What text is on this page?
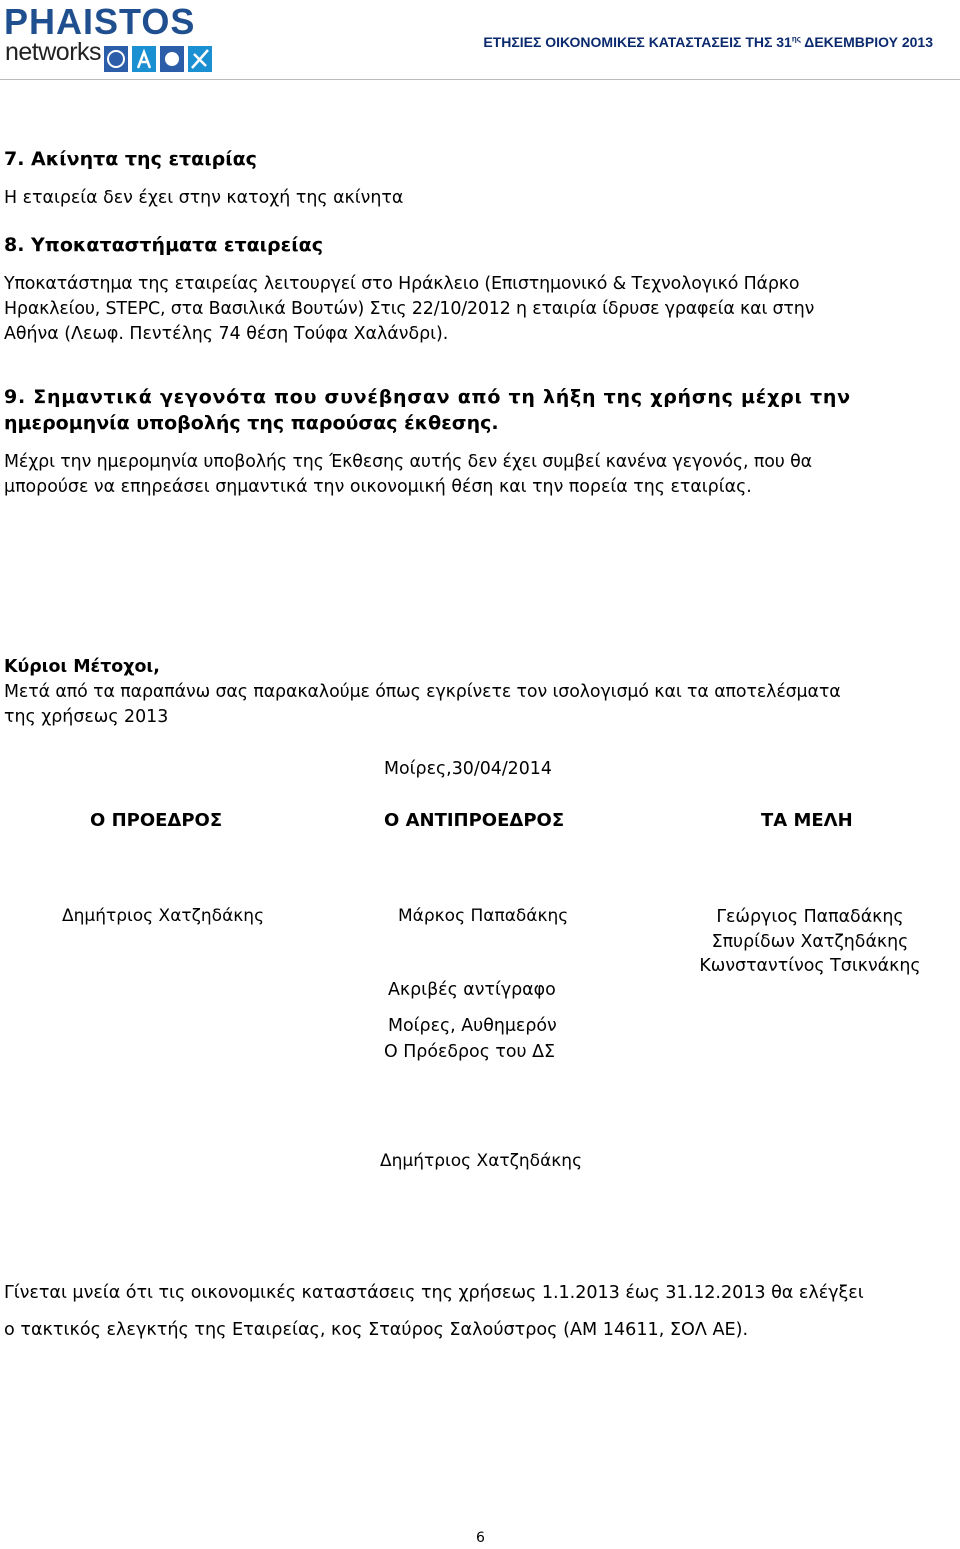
PHAISTOS
networks	ΕΤΗΣΙΕΣ ΟΙΚΟΝΟΜΙΚΕΣ ΚΑΤΑΣΤΑΣΕΙΣ ΤΗΣ $31^{\eta\varsigma}$ ΔΕΚΕΜΒΡΙΟΥ 2013
7. Ακίνητα της εταιρίας
Η εταιρεία δεν έχει στην κατοχή της ακίνητα
8. Υποκαταστήματα εταιρείας
Υποκατάστημα της εταιρείας λειτουργεί στο Ηράκλειο (Επιστημονικό & Τεχνολογικό Πάρκο
Ηρακλείου, STEPC, στα Βασιλικά Βουτών) Στις 22/10/2012 η εταιρία ίδρυσε γραφεία και στην
Αθήνα (Λεωφ. Πεντέλης 74 θέση Τούφα Χαλάνδρι).
9. Σημαντικά γεγονότα που συνέβησαν από τη λήξη της χρήσης μέχρι την
ημερομηνία υποβολής της παρούσας έκθεσης.
Μέχρι την ημερομηνία υποβολής της Έκθεσης αυτής δεν έχει συμβεί κανένα γεγονός, που θα
μπορούσε να επηρεάσει σημαντικά την οικονομική θέση και την πορεία της εταιρίας.
Κύριοι Μέτοχοι,
Μετά από τα παραπάνω σας παρακαλούμε όπως εγκρίνετε τον ισολογισμό και τα αποτελέσματα
της χρήσεως 2013
Μοίρες,30/04/2014
Ο ΠΡΟΕΔΡΟΣ	Ο ΑΝΤΙΠΡΟΕΔΡΟΣ	ΤΑ ΜΕΛΗ
Δημήτριος Χατζηδάκης	Μάρκος Παπαδάκης	Γεώργιος Παπαδάκης
Σπυρίδων Χατζηδάκης
Κωνσταντίνος Τσικνάκης
Ακριβές αντίγραφο
Μοίρες, Αυθημερόν
Ο Πρόεδρος του ΔΣ
Δημήτριος Χατζηδάκης
Γίνεται μνεία ότι τις οικονομικές καταστάσεις της χρήσεως 1.1.2013 έως 31.12.2013 θα ελέγξει
ο τακτικός ελεγκτής της Εταιρείας, κος Σταύρος Σαλούστρος (ΑΜ 14611, ΣΟΛ ΑΕ).
6
